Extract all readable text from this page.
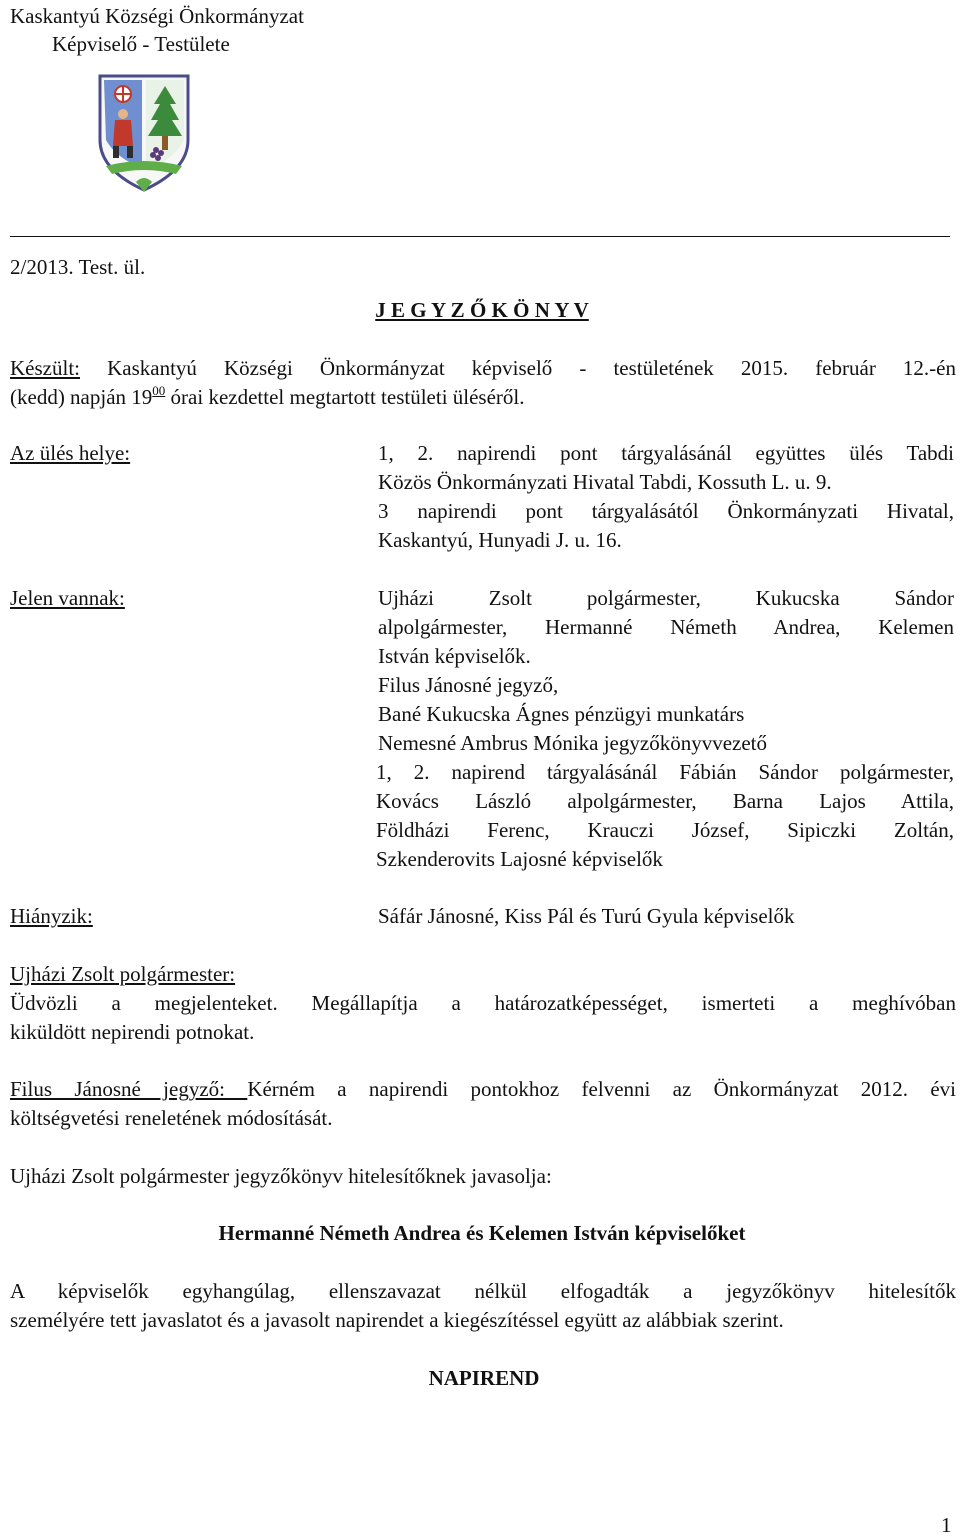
Kaskantyú Községi Önkormányzat
Képviselő - Testülete
2/2013. Test. ül.
J E G Y Z Ő K Ö N Y V
Készült: Kaskantyú Községi Önkormányzat képviselő - testületének 2015. február 12.-én
(kedd) napján $19^{00}$ órai kezdettel megtartott testületi üléséről.
Az ülés helye:	1, 2. napirendi pont tárgyalásánál együttes ülés Tabdi
Közös Önkormányzati Hivatal Tabdi, Kossuth L. u. 9.
3 napirendi pont tárgyalásától Önkormányzati Hivatal,
Kaskantyú, Hunyadi J. u. 16.
Jelen vannak:	Ujházi Zsolt polgármester, Kukucska Sándor
alpolgármester, Hermanné Németh Andrea, Kelemen
István képviselők.
Filus Jánosné jegyző,
Bané Kukucska Ágnes pénzügyi munkatárs
Nemesné Ambrus Mónika jegyzőkönyvvezető
1, 2. napirend tárgyalásánál Fábián Sándor polgármester,
Kovács László alpolgármester, Barna Lajos Attila,
Földházi Ferenc, Krauczi József, Sipiczki Zoltán,
Szkenderovits Lajosné képviselők
Hiányzik:	Sáfár Jánosné, Kiss Pál és Turú Gyula képviselők
Ujházi Zsolt polgármester:
Üdvözli a megjelenteket. Megállapítja a határozatképességet, ismerteti a meghívóban
kiküldött nepirendi potnokat.
Filus Jánosné jegyző: Kérném a napirendi pontokhoz felvenni az Önkormányzat 2012. évi
költségvetési reneletének módosítását.
Ujházi Zsolt polgármester jegyzőkönyv hitelesítőknek javasolja:
Hermanné Németh Andrea és Kelemen István képviselőket
A képviselők egyhangúlag, ellenszavazat nélkül elfogadták a jegyzőkönyv hitelesítők
személyére tett javaslatot és a javasolt napirendet a kiegészítéssel együtt az alábbiak szerint.
NAPIREND
1
